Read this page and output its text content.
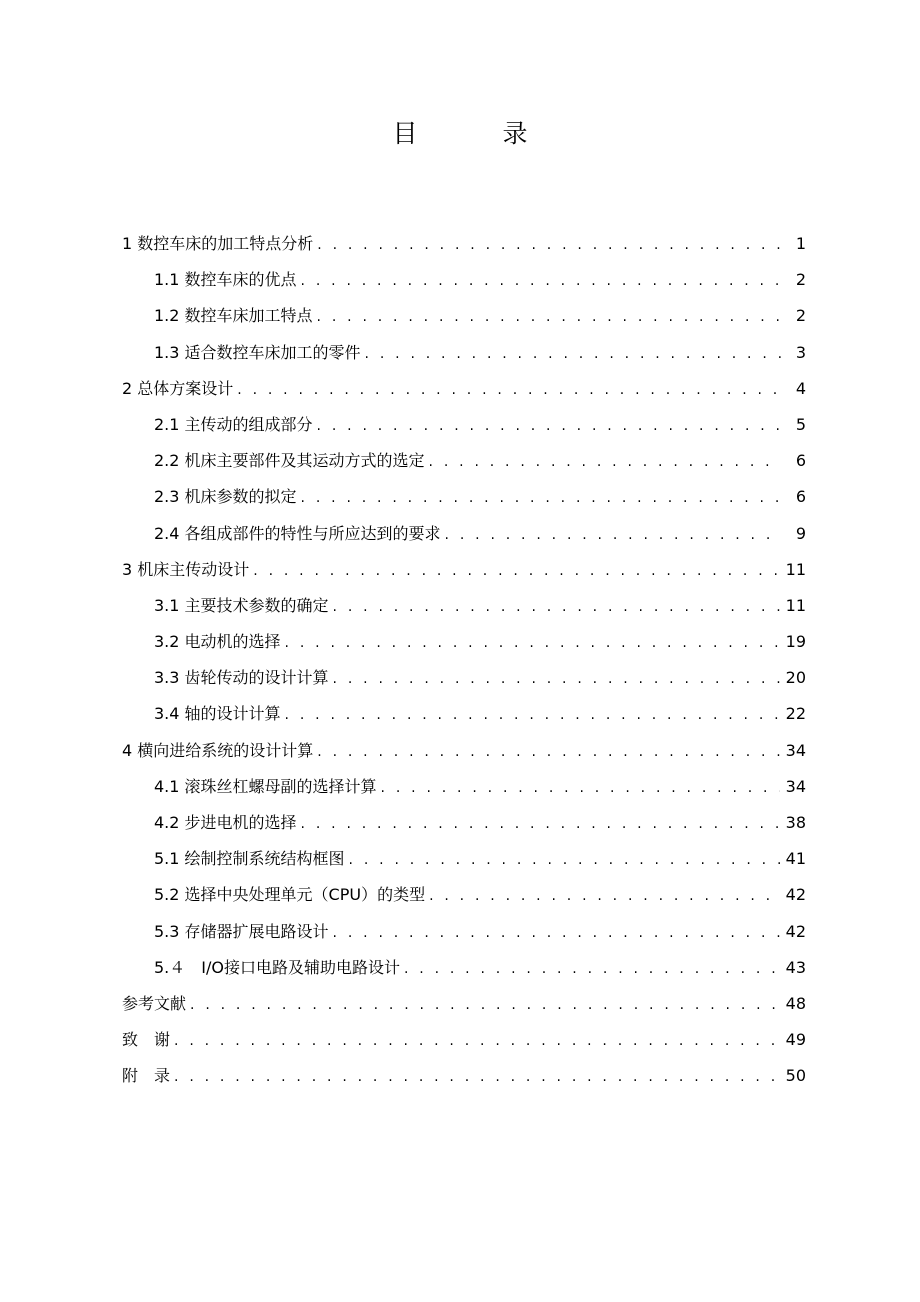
目　录
1 数控车床的加工特点分析 . . .	1
1.1 数控车床的优点 . . .	2
1.2 数控车床加工特点 . . .	2
1.3 适合数控车床加工的零件 . . .	3
2 总体方案设计 . . .	4
2.1 主传动的组成部分 . . .	5
2.2 机床主要部件及其运动方式的选定 . . .	6
2.3 机床参数的拟定 . . .	6
2.4 各组成部件的特性与所应达到的要求 . . .	9
3 机床主传动设计 . . .	11
3.1 主要技术参数的确定 . . .	11
3.2 电动机的选择 . . .	19
3.3 齿轮传动的设计计算 . . .	20
3.4 轴的设计计算 . . .	22
4 横向进给系统的设计计算 . . .	34
4.1 滚珠丝杠螺母副的选择计算 . . .	34
4.2 步进电机的选择 . . .	38
5.1 绘制控制系统结构框图 . . .	41
5.2 选择中央处理单元（CPU）的类型 . . .	42
5.3 存储器扩展电路设计 . . .	42
5.４　I/O接口电路及辅助电路设计 . . .	43
参考文献 . . .	48
致　谢 . . .	49
附　录 . . .	50
